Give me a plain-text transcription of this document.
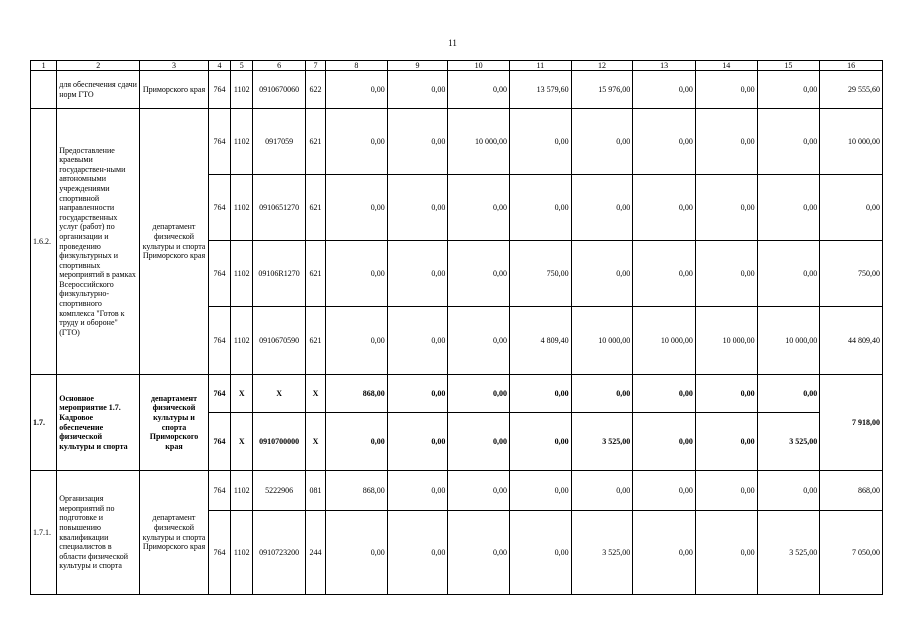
11
1	2	3	4	5	6	7	8	9	10	11	12	13	14	15	16
	для обеспечения сдачи норм ГТО	Приморского края	764	1102	0910670060	622	0,00	0,00	0,00	13 579,60	15 976,00	0,00	0,00	0,00	29 555,60
1.6.2.	Предоставление краевыми государствен-ными автономными учреждениями спортивной направленности государственных услуг (работ) по организации и проведению физкультурных и спортивных мероприятий в рамках Всероссийского физкультурно-спортивного комплекса "Готов к труду и обороне" (ГТО)	департамент физической культуры и спорта Приморского края	764	1102	0917059	621	0,00	0,00	10 000,00	0,00	0,00	0,00	0,00	0,00	10 000,00
			764	1102	0910651270	621	0,00	0,00	0,00	0,00	0,00	0,00	0,00	0,00	0,00
			764	1102	09106R1270	621	0,00	0,00	0,00	750,00	0,00	0,00	0,00	0,00	750,00
			764	1102	0910670590	621	0,00	0,00	0,00	4 809,40	10 000,00	10 000,00	10 000,00	10 000,00	44 809,40
1.7.	Основное мероприятие 1.7. Кадровое обеспечение физической культуры и спорта	департамент физической культуры и спорта Приморского края	764	X	X	X	868,00	0,00	0,00	0,00	0,00	0,00	0,00	0,00	7 918,00
			764	X	0910700000	X	0,00	0,00	0,00	0,00	3 525,00	0,00	0,00	3 525,00	
1.7.1.	Организация мероприятий по подготовке и повышению квалификации специалистов в области физической культуры и спорта	департамент физической культуры и спорта Приморского края	764	1102	5222906	081	868,00	0,00	0,00	0,00	0,00	0,00	0,00	0,00	868,00
			764	1102	0910723200	244	0,00	0,00	0,00	0,00	3 525,00	0,00	0,00	3 525,00	7 050,00
